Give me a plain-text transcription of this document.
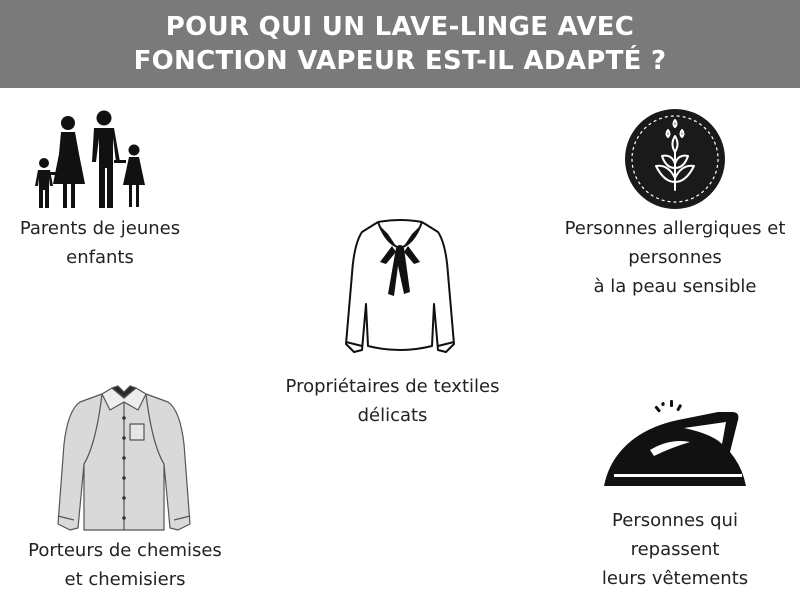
POUR QUI UN LAVE-LINGE AVEC
FONCTION VAPEUR EST-IL ADAPTÉ ?
Parents de jeunes
enfants
Propriétaires de textiles
délicats
Personnes allergiques et
personnes
à la peau sensible
Porteurs de chemises
et chemisiers
Personnes qui
repassent
leurs vêtements
